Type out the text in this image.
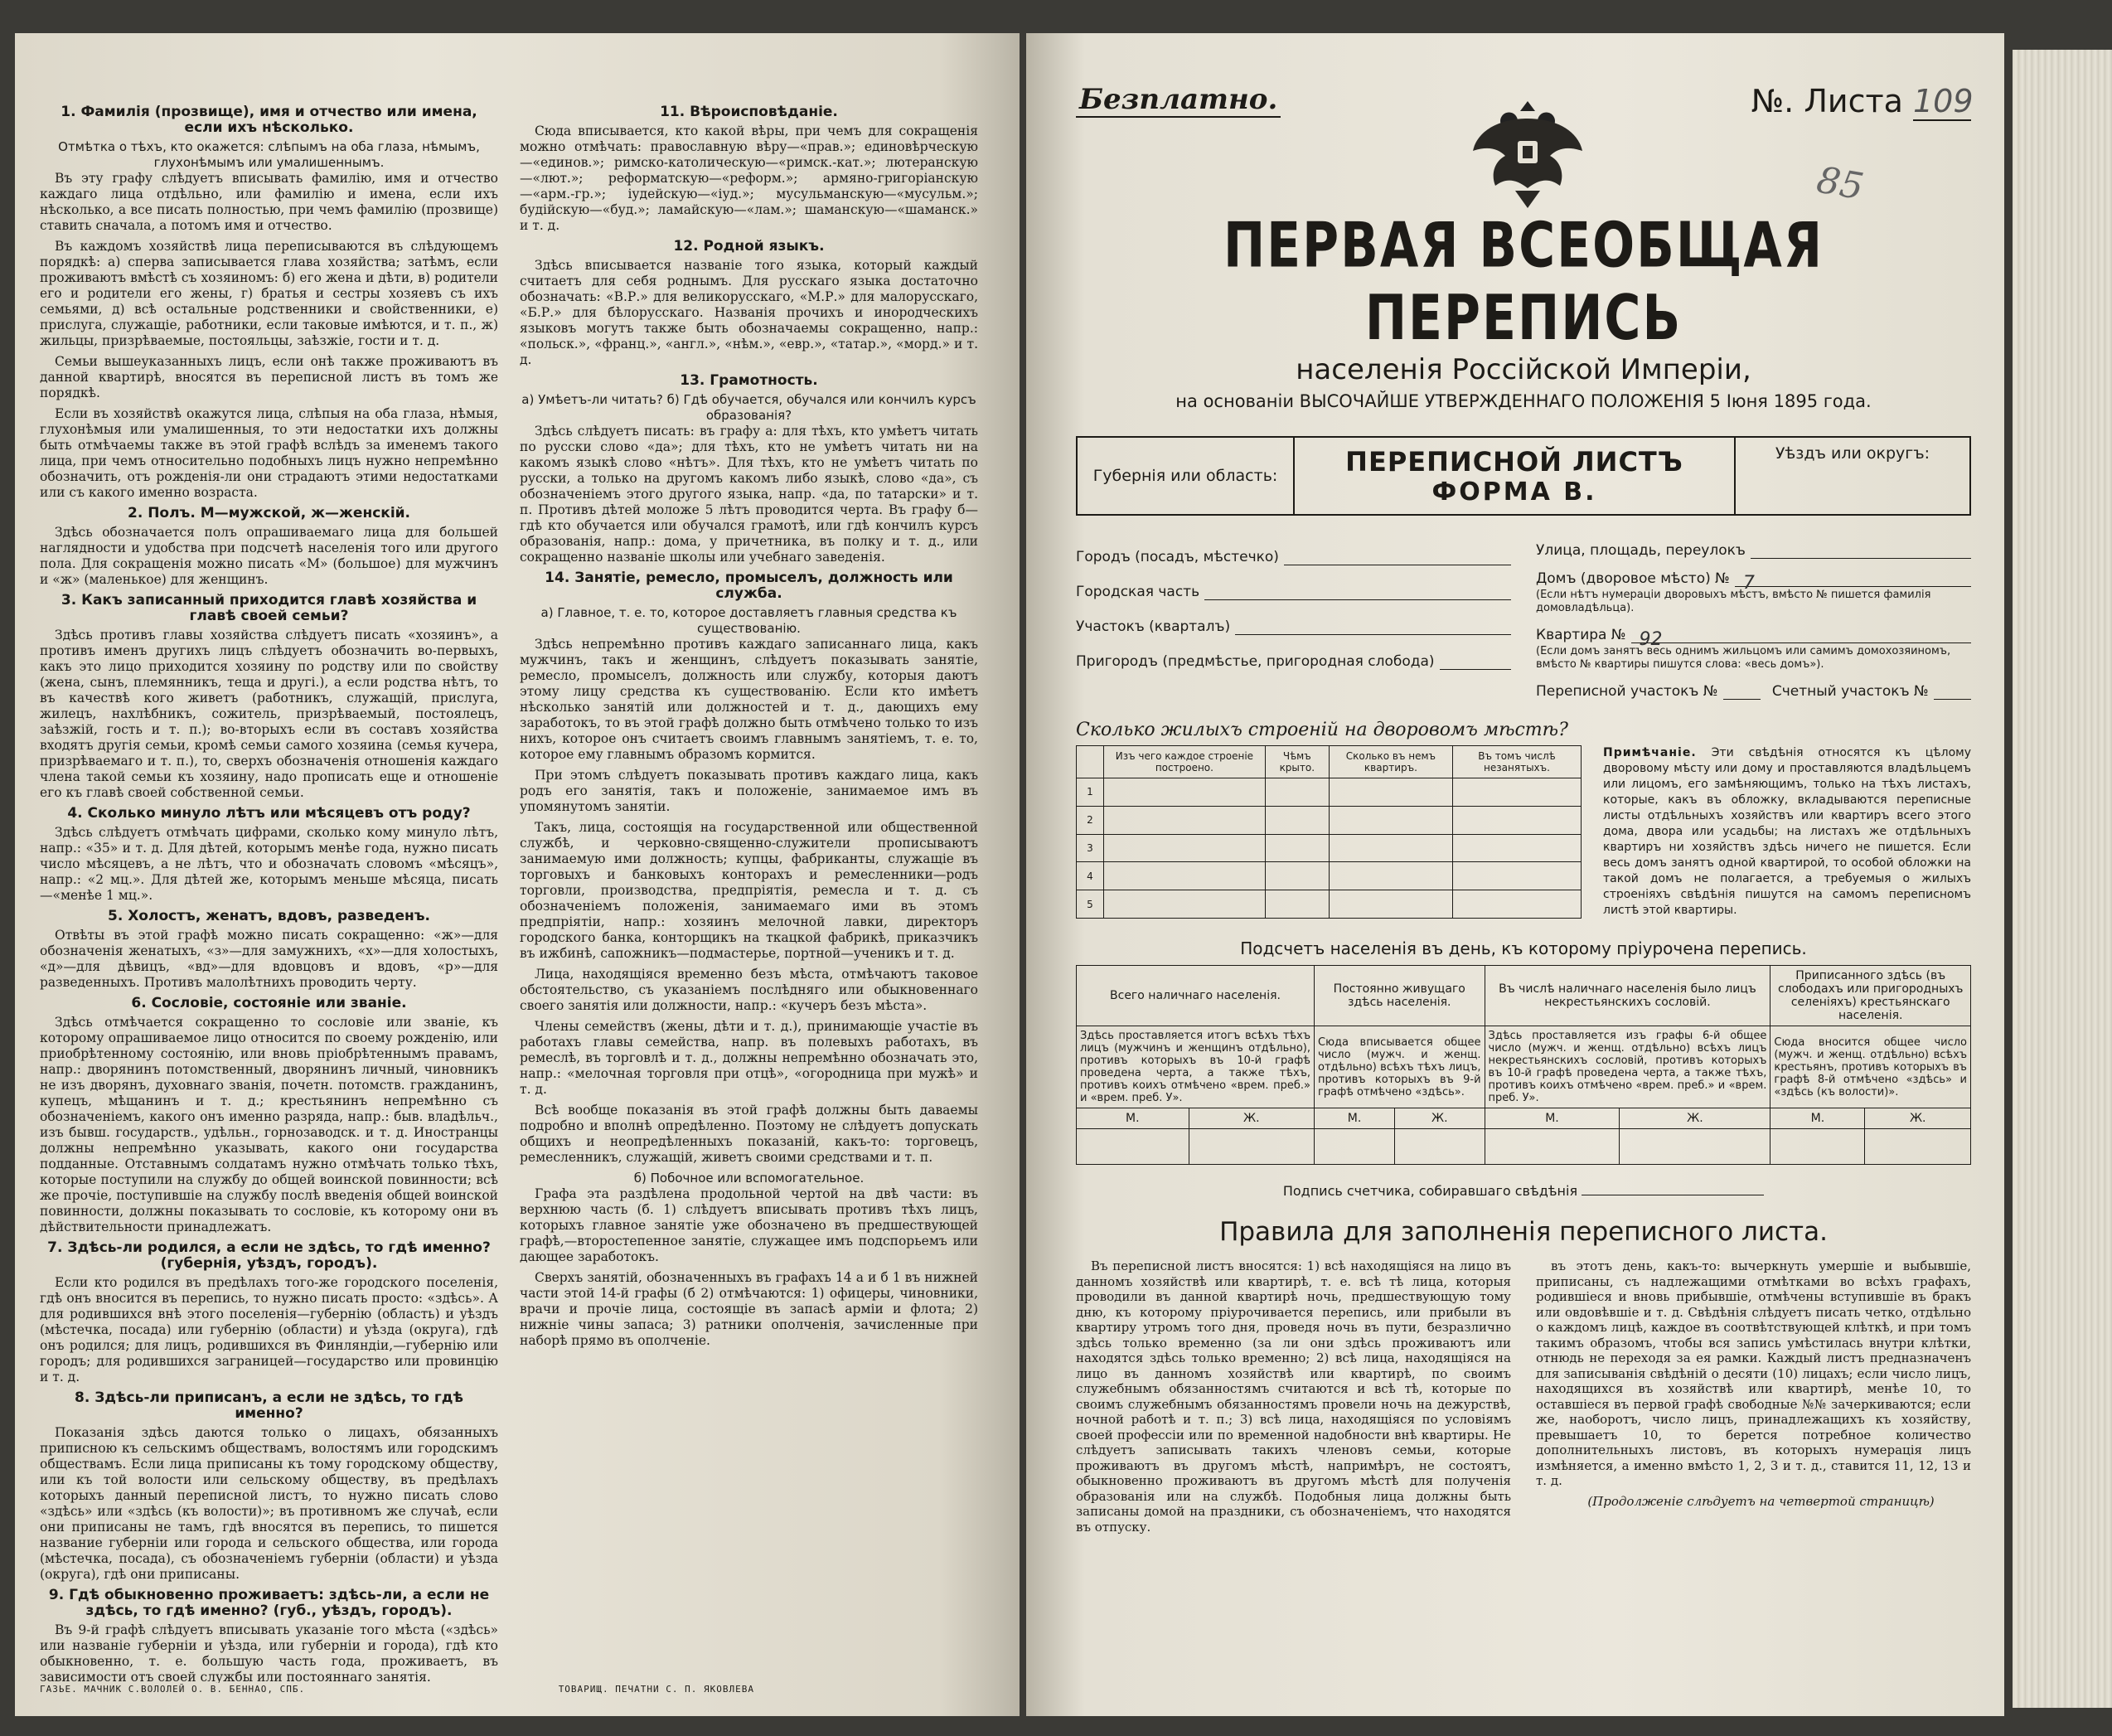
1. Фамилія (прозвище), имя и отчество или имена, если ихъ нѣсколько.
Отмѣтка о тѣхъ, кто окажется: слѣпымъ на оба глаза, нѣмымъ, глухонѣмымъ или умалишеннымъ.

Въ эту графу слѣдуетъ вписывать фамилію, имя и отчество каждаго лица отдѣльно, или фамилію и имена, если ихъ нѣсколько, а все писать полностью, при чемъ фамилію (прозвище) ставить сначала, а потомъ имя и отчество.

Въ каждомъ хозяйствѣ лица переписываются въ слѣдующемъ порядкѣ: а) сперва записывается глава хозяйства; затѣмъ, если проживаютъ вмѣстѣ съ хозяиномъ: б) его жена и дѣти, в) родители его и родители его жены, г) братья и сестры хозяевъ съ ихъ семьями, д) всѣ остальные родственники и свойственники, е) прислуга, служащіе, работники, если таковые имѣются, и т. п., ж) жильцы, призрѣваемые, постояльцы, заѣзжіе, гости и т. д.

Семьи вышеуказанныхъ лицъ, если онѣ также проживаютъ въ данной квартирѣ, вносятся въ переписной листъ въ томъ же порядкѣ.

Если въ хозяйствѣ окажутся лица, слѣпыя на оба глаза, нѣмыя, глухонѣмыя или умалишенныя, то эти недостатки ихъ должны быть отмѣчаемы также въ этой графѣ вслѣдъ за именемъ такого лица, при чемъ относительно подобныхъ лицъ нужно непремѣнно обозначить, отъ рожденія-ли они страдаютъ этими недостатками или съ какого именно возраста.

2. Полъ. М—мужской, ж—женскій.

Здѣсь обозначается полъ опрашиваемаго лица для большей наглядности и удобства при подсчетѣ населенія того или другого пола. Для сокращенія можно писать «М» (большое) для мужчинъ и «ж» (маленькое) для женщинъ.

3. Какъ записанный приходится главѣ хозяйства и главѣ своей семьи?

Здѣсь противъ главы хозяйства слѣдуетъ писать «хозяинъ», а противъ именъ другихъ лицъ слѣдуетъ обозначить во-первыхъ, какъ это лицо приходится хозяину по родству или по свойству (жена, сынъ, племянникъ, теща и другі.), а если родства нѣтъ, то въ качествѣ кого живетъ (работникъ, служащій, прислуга, жилецъ, нахлѣбникъ, сожитель, призрѣваемый, постоялецъ, заѣзжій, гость и т. п.); во-вторыхъ если въ составъ хозяйства входятъ другія семьи, кромѣ семьи самого хозяина (семья кучера, призрѣваемаго и т. п.), то, сверхъ обозначенія отношенія каждаго члена такой семьи къ хозяину, надо прописать еще и отношеніе его къ главѣ своей собственной семьи.

4. Сколько минуло лѣтъ или мѣсяцевъ отъ роду?

Здѣсь слѣдуетъ отмѣчать цифрами, сколько кому минуло лѣтъ, напр.: «35» и т. д. Для дѣтей, которымъ менѣе года, нужно писать число мѣсяцевъ, а не лѣтъ, что и обозначать словомъ «мѣсяцъ», напр.: «2 мц.». Для дѣтей же, которымъ меньше мѣсяца, писать—«менѣе 1 мц.».

5. Холостъ, женатъ, вдовъ, разведенъ.

Отвѣты въ этой графѣ можно писать сокращенно: «ж»—для обозначенія женатыхъ, «з»—для замужнихъ, «х»—для холостыхъ, «д»—для дѣвицъ, «вд»—для вдовцовъ и вдовъ, «р»—для разведенныхъ. Противъ малолѣтнихъ проводить черту.

6. Сословіе, состояніе или званіе.

Здѣсь отмѣчается сокращенно то сословіе или званіе, къ которому опрашиваемое лицо относится по своему рожденію, или приобрѣтенному состоянію, или вновь пріобрѣтеннымъ правамъ, напр.: дворянинъ потомственный, дворянинъ личный, чиновникъ не изъ дворянъ, духовнаго званія, почетн. потомств. гражданинъ, купецъ, мѣщанинъ и т. д.; крестьянинъ непремѣнно съ обозначеніемъ, какого онъ именно разряда, напр.: быв. владѣльч., изъ бывш. государств., удѣльн., горнозаводск. и т. д. Иностранцы должны непремѣнно указывать, какого они государства подданные. Отставнымъ солдатамъ нужно отмѣчать только тѣхъ, которые поступили на службу до общей воинской повинности; всѣ же прочіе, поступившіе на службу послѣ введенія общей воинской повинности, должны показывать то сословіе, къ которому они въ дѣйствительности принадлежатъ.

7. Здѣсь-ли родился, а если не здѣсь, то гдѣ именно? (губернія, уѣздъ, городъ).

Если кто родился въ предѣлахъ того-же городского поселенія, гдѣ онъ вносится въ перепись, то нужно писать просто: «здѣсь». А для родившихся внѣ этого поселенія—губернію (область) и уѣздъ (мѣстечка, посада) или губернію (области) и уѣзда (округа), гдѣ онъ родился; для лицъ, родившихся въ Финляндіи,—губернію или городъ; для родившихся заграницей—государство или провинцію и т. д.

8. Здѣсь-ли приписанъ, а если не здѣсь, то гдѣ именно?

Показанія здѣсь даются только о лицахъ, обязанныхъ приписною къ сельскимъ обществамъ, волостямъ или городскимъ обществамъ. Если лица приписаны къ тому городскому обществу, или къ той волости или сельскому обществу, въ предѣлахъ которыхъ данный переписной листъ, то нужно писать слово «здѣсь» или «здѣсь (къ волости)»; въ противномъ же случаѣ, если они приписаны не тамъ, гдѣ вносятся въ перепись, то пишется название губерніи или города и сельского общества, или города (мѣстечка, посада), съ обозначеніемъ губерніи (области) и уѣзда (округа), гдѣ они приписаны.

9. Гдѣ обыкновенно проживаетъ: здѣсь-ли, а если не здѣсь, то гдѣ именно? (губ., уѣздъ, городъ).

Въ 9-й графѣ слѣдуетъ вписывать указаніе того мѣста («здѣсь» или названіе губерніи и уѣзда, или губерніи и города), гдѣ кто обыкновенно, т. е. большую часть года, проживаетъ, въ зависимости отъ своей службы или постояннаго занятія.

11. Вѣроисповѣданіе.

Сюда вписывается, кто какой вѣры, при чемъ для сокращенія можно отмѣчать: православную вѣру—«прав.»; единовѣрческую—«единов.»; римско-католическую—«римск.-кат.»; лютеранскую—«лют.»; реформатскую—«реформ.»; армяно-григоріанскую—«арм.-гр.»; іудейскую—«іуд.»; мусульманскую—«мусульм.»; будійскую—«буд.»; ламайскую—«лам.»; шаманскую—«шаманск.» и т. д.

12. Родной языкъ.

Здѣсь вписывается названіе того языка, который каждый считаетъ для себя роднымъ. Для русскаго языка достаточно обозначать: «В.Р.» для великорусскаго, «М.Р.» для малорусскаго, «Б.Р.» для бѣлорусскаго. Названія прочихъ и инородческихъ языковъ могутъ также быть обозначаемы сокращенно, напр.: «польск.», «франц.», «англ.», «нѣм.», «евр.», «татар.», «морд.» и т. д.

13. Грамотность.
а) Умѣетъ-ли читать? б) Гдѣ обучается, обучался или кончилъ курсъ образованія?

Здѣсь слѣдуетъ писать: въ графу а: для тѣхъ, кто умѣетъ читать по русски слово «да»; для тѣхъ, кто не умѣетъ читать ни на какомъ языкѣ слово «нѣтъ». Для тѣхъ, кто не умѣетъ читать по русски, а только на другомъ какомъ либо языкѣ, слово «да», съ обозначеніемъ этого другого языка, напр. «да, по татарски» и т. п. Противъ дѣтей моложе 5 лѣтъ проводится черта. Въ графу б—гдѣ кто обучается или обучался грамотѣ, или гдѣ кончилъ курсъ образованія, напр.: дома, у причетника, въ полку и т. д., или сокращенно названіе школы или учебнаго заведенія.

14. Занятіе, ремесло, промыселъ, должность или служба.
а) Главное, т. е. то, которое доставляетъ главныя средства къ существованію.

Здѣсь непремѣнно противъ каждаго записаннаго лица, какъ мужчинъ, такъ и женщинъ, слѣдуетъ показывать занятіе, ремесло, промыселъ, должность или службу, которыя даютъ этому лицу средства къ существованію. Если кто имѣетъ нѣсколько занятій или должностей и т. д., дающихъ ему заработокъ, то въ этой графѣ должно быть отмѣчено только то изъ нихъ, которое онъ считаетъ своимъ главнымъ занятіемъ, т. е. то, которое ему главнымъ образомъ кормится.

При этомъ слѣдуетъ показывать противъ каждаго лица, какъ родъ его занятія, такъ и положеніе, занимаемое имъ въ упомянутомъ занятіи.

Такъ, лица, состоящія на государственной или общественной службѣ, и черковно-священно-служители прописываютъ занимаемую ими должность; купцы, фабриканты, служащіе въ торговыхъ и банковыхъ конторахъ и ремесленники—родъ торговли, производства, предпріятія, ремесла и т. д. съ обозначеніемъ положенія, занимаемаго ими въ этомъ предпріятіи, напр.: хозяинъ мелочной лавки, директоръ городского банка, конторщикъ на ткацкой фабрикѣ, приказчикъ въ ижбинѣ, сапожникъ—подмастерье, портной—ученикъ и т. д.

Лица, находящіяся временно безъ мѣста, отмѣчаютъ таковое обстоятельство, съ указаніемъ послѣдняго или обыкновеннаго своего занятія или должности, напр.: «кучеръ безъ мѣста».

Члены семействъ (жены, дѣти и т. д.), принимающіе участіе въ работахъ главы семейства, напр. въ полевыхъ работахъ, въ ремеслѣ, въ торговлѣ и т. д., должны непремѣнно обозначать это, напр.: «мелочная торговля при отцѣ», «огородница при мужѣ» и т. д.

Всѣ вообще показанія въ этой графѣ должны быть даваемы подробно и вполнѣ опредѣленно. Поэтому не слѣдуетъ допускать общихъ и неопредѣленныхъ показаній, какъ-то: торговецъ, ремесленникъ, служащій, живетъ своими средствами и т. п.

б) Побочное или вспомогательное.

Графа эта раздѣлена продольной чертой на двѣ части: въ верхнюю часть (б. 1) слѣдуетъ вписывать противъ тѣхъ лицъ, которыхъ главное занятіе уже обозначено въ предшествующей графѣ,—второстепенное занятіе, служащее имъ подспорьемъ или дающее заработокъ.

Сверхъ занятій, обозначенныхъ въ графахъ 14 а и б 1 въ нижней части этой 14-й графы (б 2) отмѣчаются: 1) офицеры, чиновники, врачи и прочіе лица, состоящіе въ запасѣ арміи и флота; 2) нижніе чины запаса; 3) ратники ополченія, зачисленные при наборѣ прямо въ ополченіе.

ГАЗЬЕ. МАЧНИК С.ВОЛОЛЕЙ О. В. БЕННАО, СПБ.	ТОВАРИЩ. ПЕЧАТНИ С. П. ЯКОВЛЕВА
Безплатно.	№. Листа 109
85
ПЕРВАЯ ВСЕОБЩАЯ ПЕРЕПИСЬ
населенія Россійской Имперіи,
на основаніи ВЫСОЧАЙШЕ УТВЕРЖДЕННАГО ПОЛОЖЕНІЯ 5 Іюня 1895 года.
Губернія или область:	ПЕРЕПИСНОЙ ЛИСТЪ
ФОРМА В.
Уѣздъ или округъ:
Городъ (посадъ, мѣстечко)
Городская часть
Участокъ (кварталъ)
Пригородъ (предмѣстье, пригородная слобода)
Улица, площадь, переулокъ
Домъ (дворовое мѣсто) № 7
(Если нѣтъ нумераціи дворовыхъ мѣстъ, вмѣсто № пишется фамилія домовладѣльца).
Квартира № 92
(Если домъ занятъ весь однимъ жильцомъ или самимъ домохозяиномъ, вмѣсто № квартиры пишутся слова: «весь домъ»).
Переписной участокъ №	Счетный участокъ №
Сколько жилыхъ строеній на дворовомъ мѣстѣ?
	Изъ чего каждое строеніе построено.	Чѣмъ крыто.	Сколько въ немъ квартиръ.	Въ томъ числѣ незанятыхъ.
1				
2				
3				
4				
5				
Примѣчаніе. Эти свѣдѣнія относятся къ цѣлому дворовому мѣсту или дому и проставляются владѣльцемъ или лицомъ, его замѣняющимъ, только на тѣхъ листахъ, которые, какъ въ обложку, вкладываются переписные листы отдѣльныхъ хозяйствъ или квартиръ всего этого дома, двора или усадьбы; на листахъ же отдѣльныхъ квартиръ ни хозяйствъ здѣсь ничего не пишется. Если весь домъ занятъ одной квартирой, то особой обложки на такой домъ не полагается, а требуемыя о жилыхъ строеніяхъ свѣдѣнія пишутся на самомъ переписномъ листѣ этой квартиры.
Подсчетъ населенія въ день, къ которому пріурочена перепись.
Всего наличнаго населенія.		Постоянно живущаго здѣсь населенія.		Въ числѣ наличнаго населенія было лицъ некрестьянскихъ сословій.		Приписанного здѣсь (въ слободахъ или пригородныхъ селеніяхъ) крестьянскаго населенія.	
Здѣсь проставляется итогъ всѣхъ тѣхъ лицъ (мужчинъ и женщинъ отдѣльно), противъ которыхъ въ 10-й графѣ проведена черта, а также тѣхъ, противъ коихъ отмѣчено «врем. преб.» и «врем. преб. У».		Сюда вписывается общее число (мужч. и женщ. отдѣльно) всѣхъ тѣхъ лицъ, противъ которыхъ въ 9-й графѣ отмѣчено «здѣсь».		Здѣсь проставляется изъ графы 6-й общее число (мужч. и женщ. отдѣльно) всѣхъ лицъ некрестьянскихъ сословій, противъ которыхъ въ 10-й графѣ проведена черта, а также тѣхъ, противъ коихъ отмѣчено «врем. преб.» и «врем. преб. У».		Сюда вносится общее число (мужч. и женщ. отдѣльно) всѣхъ крестьянъ, противъ которыхъ въ графѣ 8-й отмѣчено «здѣсь» и «здѣсь (къ волости)».	
М.	Ж.	М.	Ж.	М.	Ж.	М.	Ж.

Подпись счетчика, собиравшаго свѣдѣнія
Правила для заполненія переписного листа.

Въ переписной листъ вносятся: 1) всѣ находящіяся на лицо въ данномъ хозяйствѣ или квартирѣ, т. е. всѣ тѣ лица, которыя проводили въ данной квартирѣ ночь, предшествующую тому дню, къ которому пріурочивается перепись, или прибыли въ квартиру утромъ того дня, проведя ночь въ пути, безразлично здѣсь только временно (за ли они здѣсь проживаютъ или находятся здѣсь только временно; 2) всѣ лица, находящіяся на лицо въ данномъ хозяйствѣ или квартирѣ, по своимъ служебнымъ обязанностямъ считаются и всѣ тѣ, которые по своимъ служебнымъ обязанностямъ провели ночь на дежурствѣ, ночной работѣ и т. п.; 3) всѣ лица, находящіяся по условіямъ своей профессіи или по временной надобности внѣ квартиры. Не слѣдуетъ записывать такихъ членовъ семьи, которые проживаютъ въ другомъ мѣстѣ, напримѣръ, не состоятъ, обыкновенно проживаютъ въ другомъ мѣстѣ для полученія образованія или на службѣ. Подобныя лица должны быть записаны домой на праздники, съ обозначеніемъ, что находятся въ отпуску.

въ этотъ день, какъ-то: вычеркнуть умершіе и выбывшіе, приписаны, съ надлежащими отмѣтками во всѣхъ графахъ, родившіеся и вновь прибывшіе, отмѣчены вступившіе въ бракъ или овдовѣвшіе и т. д. Свѣдѣнія слѣдуетъ писать четко, отдѣльно о каждомъ лицѣ, каждое въ соотвѣтствующей клѣткѣ, и при томъ такимъ образомъ, чтобы вся запись умѣстилась внутри клѣтки, отнюдь не переходя за ея рамки. Каждый листъ предназначенъ для записыванія свѣдѣній о десяти (10) лицахъ; если число лицъ, находящихся въ хозяйствѣ или квартирѣ, менѣе 10, то оставшіеся въ первой графѣ свободные №№ зачеркиваются; если же, наоборотъ, число лицъ, принадлежащихъ къ хозяйству, превышаетъ 10, то берется потребное количество дополнительныхъ листовъ, въ которыхъ нумерація лицъ измѣняется, а именно вмѣсто 1, 2, 3 и т. д., ставится 11, 12, 13 и т. д.

(Продолженіе слѣдуетъ на четвертой страницѣ)
